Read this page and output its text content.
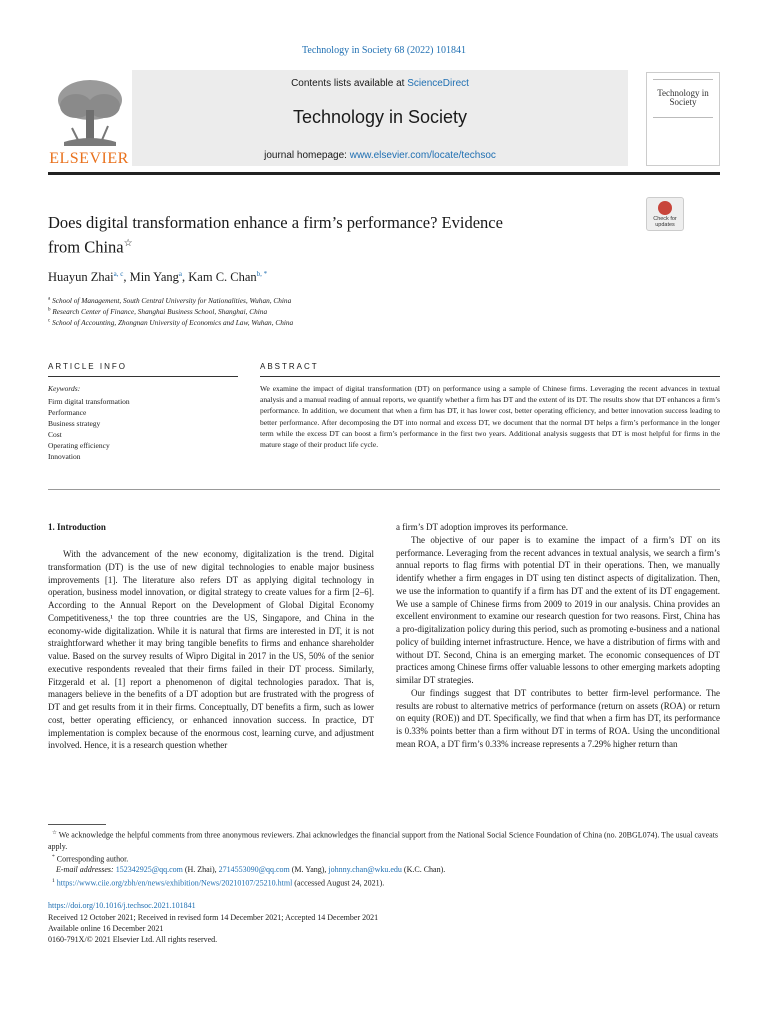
Technology in Society 68 (2022) 101841
ELSEVIER
Contents lists available at ScienceDirect
Technology in Society
journal homepage: www.elsevier.com/locate/techsoc
Technology in Society
Does digital transformation enhance a firm’s performance? Evidence
from China☆
Check for updates
Huayun Zhai$^{a, c}$, Min Yang$^a$, Kam C. Chan$^{b, *}$
$^a$ School of Management, South Central University for Nationalities, Wuhan, China
$^b$ Research Center of Finance, Shanghai Business School, Shanghai, China
$^c$ School of Accounting, Zhongnan University of Economics and Law, Wuhan, China
ARTICLE INFO	ABSTRACT
Keywords:
Firm digital transformation
Performance
Business strategy
Cost
Operating efficiency
Innovation
We examine the impact of digital transformation (DT) on performance using a sample of Chinese firms. Leveraging the recent advances in textual analysis and a manual reading of annual reports, we quantify whether a firm has DT and the extent of its DT. The results show that DT enhances a firm’s performance. In addition, we document that when a firm has DT, it has lower cost, better operating efficiency, and better innovation success leading to better performance. After decomposing the DT into normal and excess DT, we document that the normal DT helps a firm’s performance in the longer term while the excess DT can boost a firm’s performance in the first two years. Additional analysis suggests that DT is most helpful for firms in the mature stage of their product life cycle.
1. Introduction

With the advancement of the new economy, digitalization is the trend. Digital transformation (DT) is the use of new digital technologies to enable major business improvements [1]. The literature also refers DT as applying digital technology in operation, business model innovation, or digital strategy to create values for a firm [2–6]. According to the Annual Report on the Development of Global Digital Economy Competitiveness,¹ the top three countries are the US, Singapore, and China in the economy-wide digitalization. While it is natural that firms are interested in DT, it is not straightforward whether it may bring tangible benefits to firms and enhance shareholder value. Based on the survey results of Wipro Digital in 2017 in the US, 50% of the senior executive respondents revealed that their firms failed in their DT process. Similarly, Fitzgerald et al. [1] report a phenomenon of digital technologies paradox. That is, managers believe in the benefits of a DT adoption but are frustrated with the progress of DT and get results from it in their firms. Conceptually, DT benefits a firm, such as lower cost, better operating efficiency, or enhanced innovation success. In practice, DT implementation is complex because of the enormous cost, learning curve, and adjustment involved. Hence, it is a research question whether

a firm’s DT adoption improves its performance.

The objective of our paper is to examine the impact of a firm’s DT on its performance. Leveraging from the recent advances in textual analysis, we search a firm’s annual reports to flag firms with potential DT in their operations. Then, we manually identify whether a firm engages in DT using ten distinct aspects of digitalization. Then, we use the information to quantify if a firm has DT and the extent of its DT engagement. We use a sample of Chinese firms from 2009 to 2019 in our analysis. China provides an excellent environment to examine our research question for two reasons. First, China has a pro-digitalization policy during this period, such as promoting e-business and a national policy of building internet infrastructure. Hence, we have a distribution of firms with and without DT. Second, China is an emerging market. The economic consequences of DT practices among Chinese firms offer valuable lessons to other emerging markets adopting similar DT strategies.

Our findings suggest that DT contributes to better firm-level performance. The results are robust to alternative metrics of performance (return on assets (ROA) or return on equity (ROE)) and DT. Specifically, we find that when a firm has DT, its performance is 0.33% points better than a firm without DT in terms of ROA. Using the unconditional mean ROA, a DT firm’s 0.33% increase represents a 7.29% higher return than

☆ We acknowledge the helpful comments from three anonymous reviewers. Zhai acknowledges the financial support from the National Social Science Foundation of China (no. 20BGL074). The usual caveats apply.
* Corresponding author.
E-mail addresses: 152342925@qq.com (H. Zhai), 2714553090@qq.com (M. Yang), johnny.chan@wku.edu (K.C. Chan).
$^1$ https://www.ciie.org/zbh/en/news/exhibition/News/20210107/25210.html (accessed August 24, 2021).
https://doi.org/10.1016/j.techsoc.2021.101841
Received 12 October 2021; Received in revised form 14 December 2021; Accepted 14 December 2021
Available online 16 December 2021
0160-791X/© 2021 Elsevier Ltd. All rights reserved.
